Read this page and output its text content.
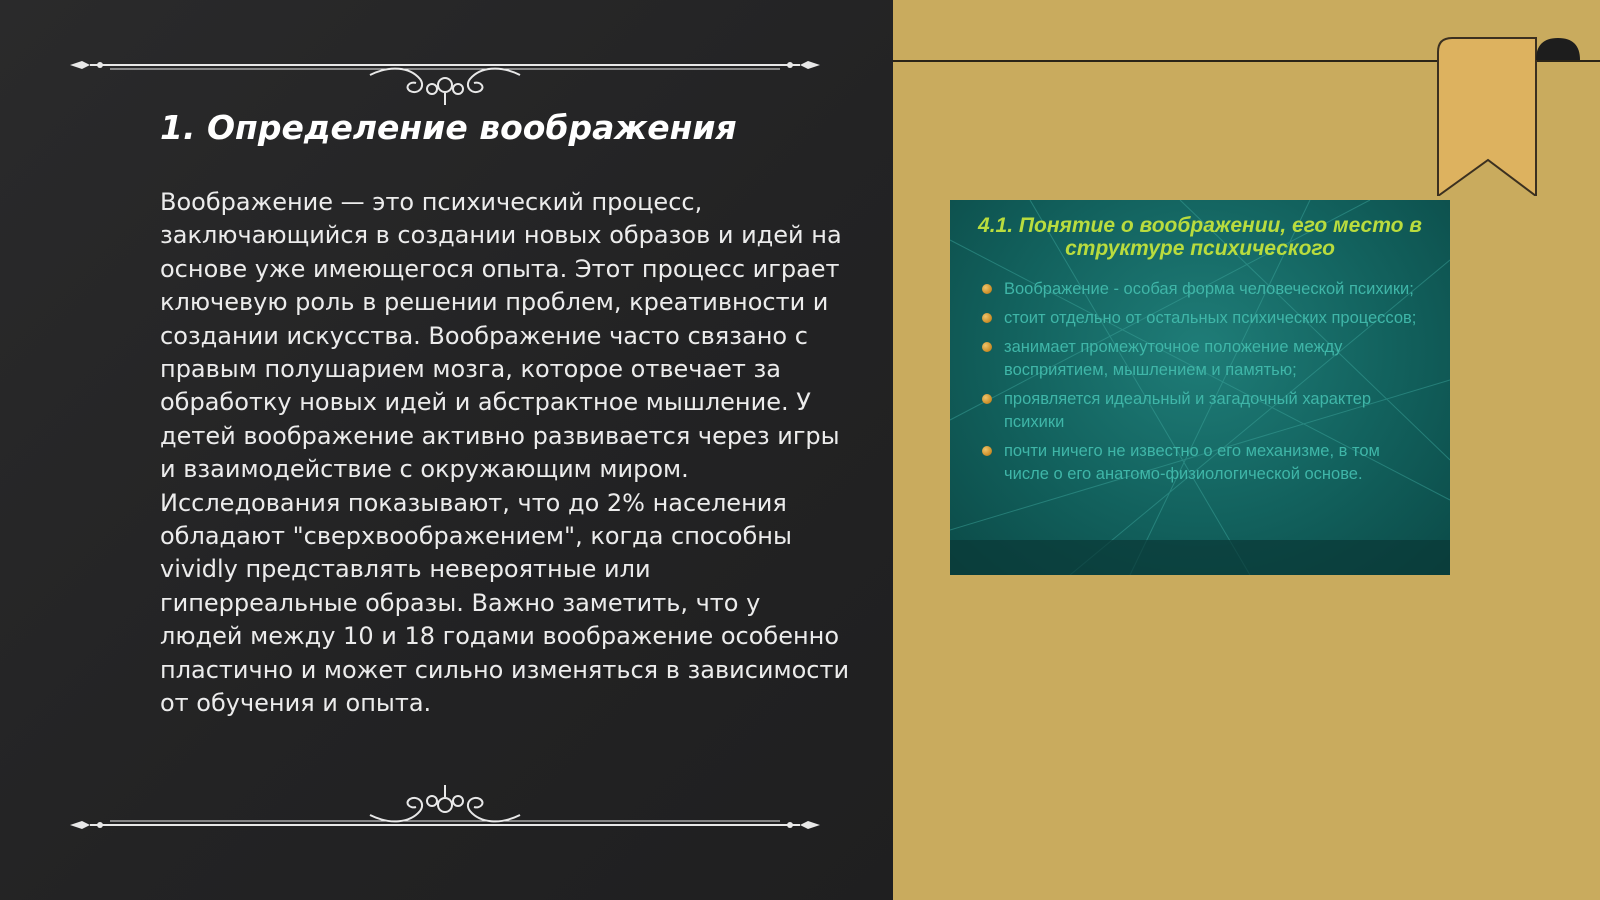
1. Определение воображения

Воображение — это психический процесс, заключающийся в создании новых образов и идей на основе уже имеющегося опыта. Этот процесс играет ключевую роль в решении проблем, креативности и создании искусства. Воображение часто связано с правым полушарием мозга, которое отвечает за обработку новых идей и абстрактное мышление. У детей воображение активно развивается через игры и взаимодействие с окружающим миром. Исследования показывают, что до 2% населения обладают "сверхвоображением", когда способны vividly представлять невероятные или гиперреальные образы. Важно заметить, что у людей между 10 и 18 годами воображение особенно пластично и может сильно изменяться в зависимости от обучения и опыта.

4.1. Понятие о воображении, его место в структуре психического
Воображение - особая форма человеческой психики;
стоит отдельно от остальных психических процессов;
занимает промежуточное положение между восприятием, мышлением и памятью;
проявляется идеальный и загадочный характер психики
почти ничего не известно о его механизме, в том числе о его анатомо-физиологической основе.
